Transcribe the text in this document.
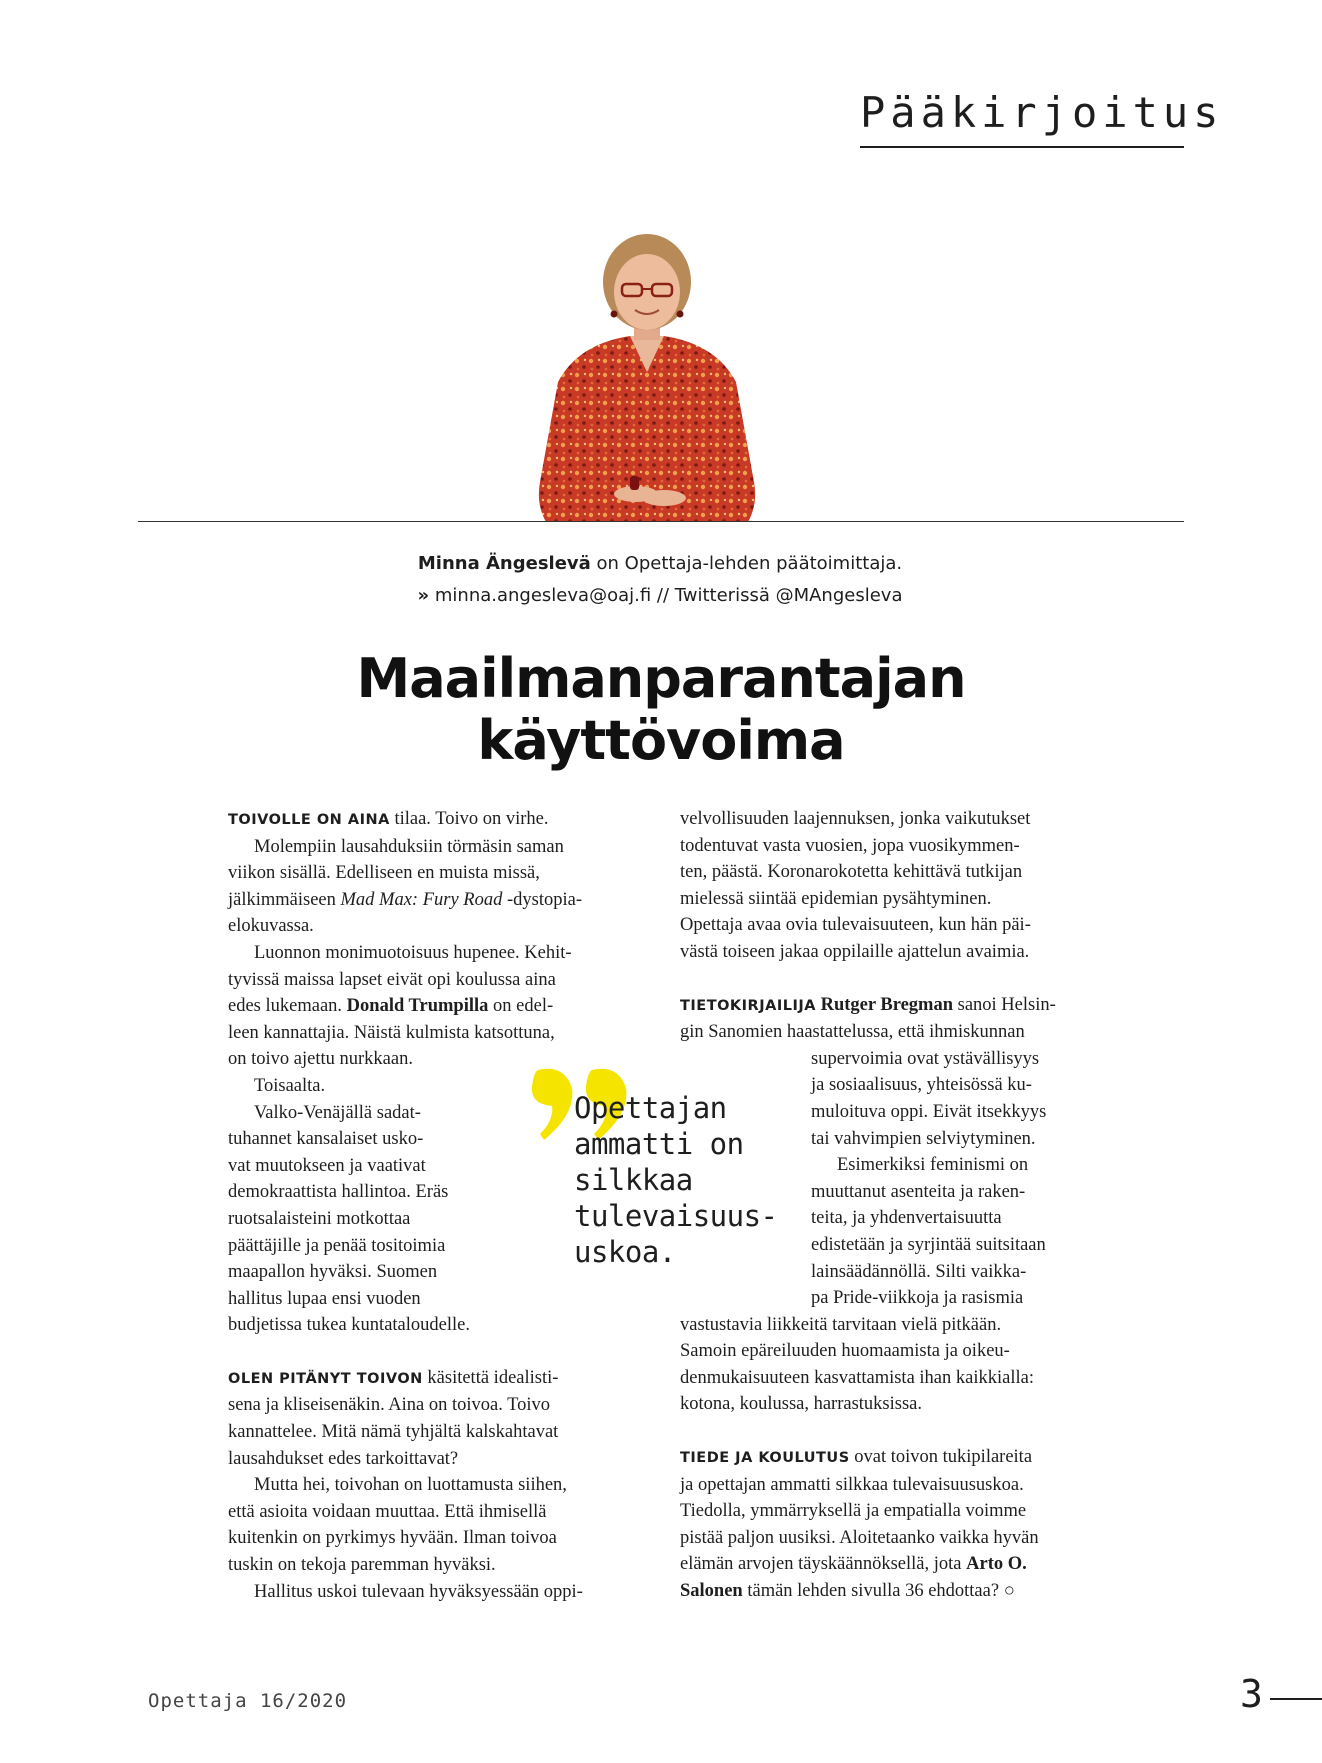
Pääkirjoitus
Minna Ängeslevä on Opettaja-lehden päätoimittaja.
» minna.angesleva@oaj.fi // Twitterissä @MAngesleva
Maailmanparantajan
käyttövoima

TOIVOLLE ON AINA tilaa. Toivo on virhe.

Molempiin lausahduksiin törmäsin saman
viikon sisällä. Edelliseen en muista missä,
jälkimmäiseen Mad Max: Fury Road -dystopia-
elokuvassa.

Luonnon monimuotoisuus hupenee. Kehit-
tyvissä maissa lapset eivät opi koulussa aina
edes lukemaan. Donald Trumpilla on edel-
leen kannattajia. Näistä kulmista katsottuna,
on toivo ajettu nurkkaan.

Toisaalta.

Valko-Venäjällä sadat-
tuhannet kansalaiset usko-
vat muutokseen ja vaativat
demokraattista hallintoa. Eräs
ruotsalaisteini motkottaa
päättäjille ja penää tositoimia
maapallon hyväksi. Suomen
hallitus lupaa ensi vuoden
budjetissa tukea kuntataloudelle.

OLEN PITÄNYT TOIVON käsitettä idealisti-
sena ja kliseisenäkin. Aina on toivoa. Toivo
kannattelee. Mitä nämä tyhjältä kalskahtavat
lausahdukset edes tarkoittavat?

Mutta hei, toivohan on luottamusta siihen,
että asioita voidaan muuttaa. Että ihmisellä
kuitenkin on pyrkimys hyvään. Ilman toivoa
tuskin on tekoja paremman hyväksi.

Hallitus uskoi tulevaan hyväksyessään oppi-

velvollisuuden laajennuksen, jonka vaikutukset
todentuvat vasta vuosien, jopa vuosikymmen-
ten, päästä. Koronarokotetta kehittävä tutkijan
mielessä siintää epidemian pysähtyminen.
Opettaja avaa ovia tulevaisuuteen, kun hän päi-
västä toiseen jakaa oppilaille ajattelun avaimia.

TIETOKIRJAILIJA Rutger Bregman sanoi Helsin-
gin Sanomien haastattelussa, että ihmiskunnan
supervoimia ovat ystävällisyys
ja sosiaalisuus, yhteisössä ku-
muloituva oppi. Eivät itsekkyys
tai vahvimpien selviytyminen.

Esimerkiksi feminismi on
muuttanut asenteita ja raken-
teita, ja yhdenvertaisuutta
edistetään ja syrjintää suitsitaan
lainsäädännöllä. Silti vaikka-
pa Pride-viikkoja ja rasismia
vastustavia liikkeitä tarvitaan vielä pitkään.
Samoin epäreiluuden huomaamista ja oikeu-
denmukaisuuteen kasvattamista ihan kaikkialla:
kotona, koulussa, harrastuksissa.

TIEDE JA KOULUTUS ovat toivon tukipilareita
ja opettajan ammatti silkkaa tulevaisuususkoa.
Tiedolla, ymmärryksellä ja empatialla voimme
pistää paljon uusiksi. Aloitetaanko vaikka hyvän
elämän arvojen täyskäännöksellä, jota Arto O.
Salonen tämän lehden sivulla 36 ehdottaa? ○

Opettajan
ammatti on
silkkaa
tulevaisuus-
uskoa.
Opettaja 16/2020	3
